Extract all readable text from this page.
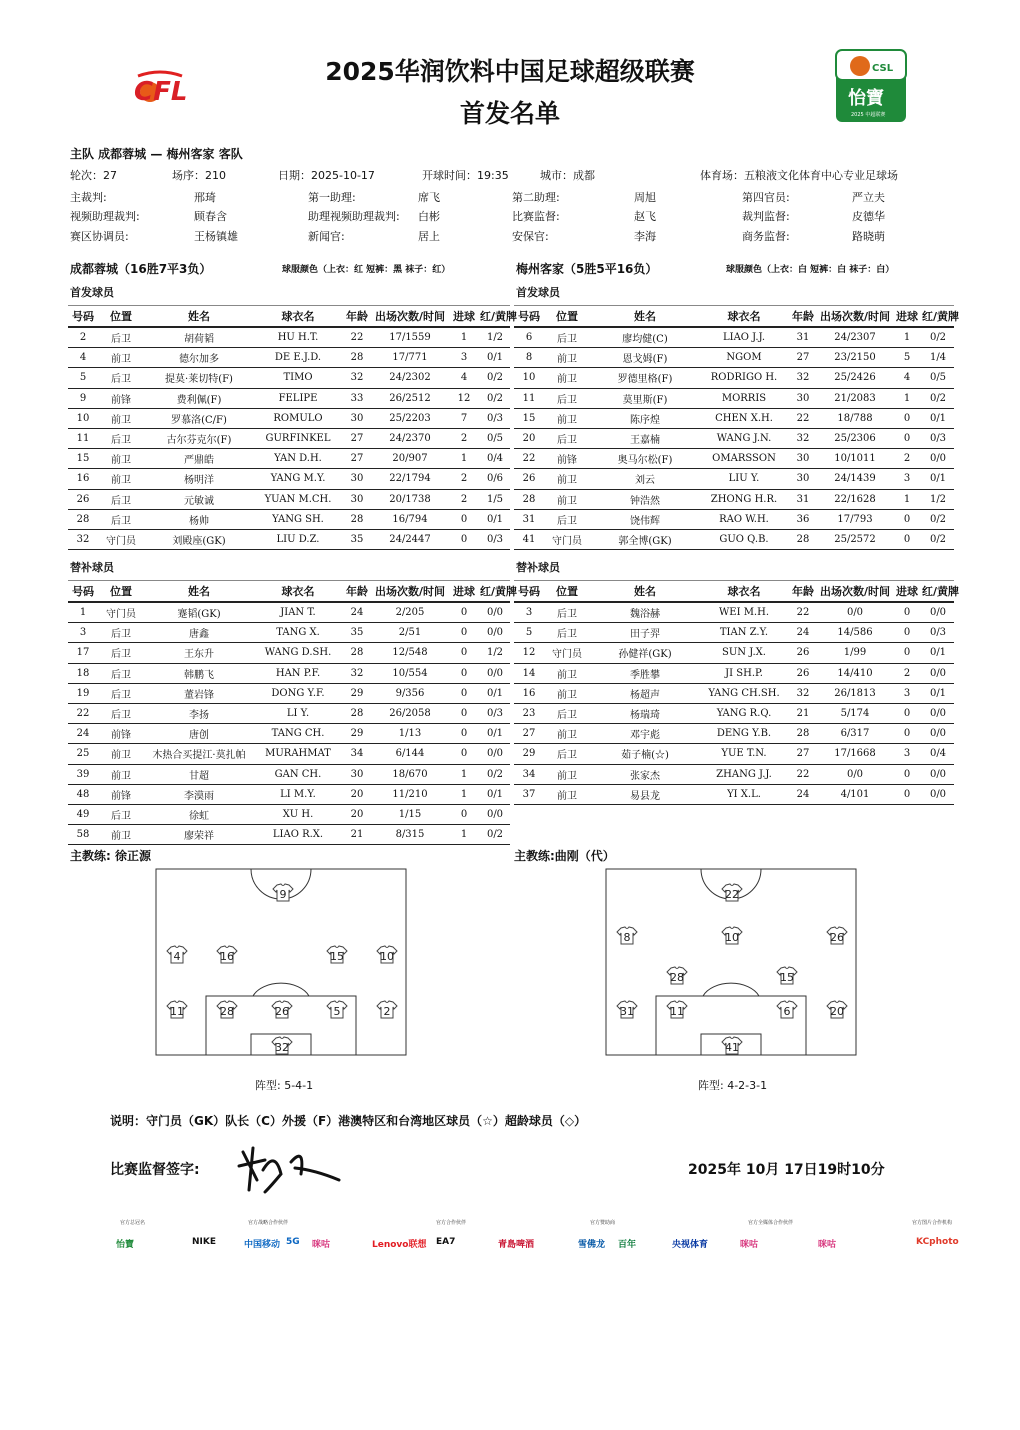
CFL
2025华润饮料中国足球超级联赛
首发名单
CSL
怡寶
2025 中超联赛
主队 成都蓉城 — 梅州客家 客队
轮次：27	场序：210	日期：2025-10-17	开球时间：19:35	城市：成都	体育场：五粮液文化体育中心专业足球场
主裁判:	邢琦	第一助理:	席飞	第二助理:	周旭	第四官员:	严立夫
视频助理裁判:	顾春含	助理视频助理裁判: 白彬	比赛监督:	赵飞	裁判监督:	皮德华
赛区协调员:	王杨镇雄	新闻官:	居上	安保官:	李海	商务监督:	路晓萌
成都蓉城（16胜7平3负）	球服颜色（上衣：红 短裤：黑 袜子：红）	梅州客家（5胜5平16负）	球服颜色（上衣：白 短裤：白 袜子：白）
首发球员	首发球员
替补球员	替补球员
号码	位置	姓名	球衣名	年龄	出场次数/时间	进球	红/黄牌
2	后卫	胡荷韬	HU H.T.	22	17/1559	1	1/2
4	前卫	德尔加多	DE E.J.D.	28	17/771	3	0/1
5	后卫	提莫·莱切特(F)	TIMO	32	24/2302	4	0/2
9	前锋	费利佩(F)	FELIPE	33	26/2512	12	0/2
10	前卫	罗慕洛(C/F)	ROMULO	30	25/2203	7	0/3
11	后卫	古尔芬克尔(F)	GURFINKEL	27	24/2370	2	0/5
15	前卫	严鼎皓	YAN D.H.	27	20/907	1	0/4
16	前卫	杨明洋	YANG M.Y.	30	22/1794	2	0/6
26	后卫	元敏诚	YUAN M.CH.	30	20/1738	2	1/5
28	后卫	杨帅	YANG SH.	28	16/794	0	0/1
32	守门员	刘殿座(GK)	LIU D.Z.	35	24/2447	0	0/3
号码	位置	姓名	球衣名	年龄	出场次数/时间	进球	红/黄牌
6	后卫	廖均健(C)	LIAO J.J.	31	24/2307	1	0/2
8	前卫	恩戈姆(F)	NGOM	27	23/2150	5	1/4
10	前卫	罗德里格(F)	RODRIGO H.	32	25/2426	4	0/5
11	后卫	莫里斯(F)	MORRIS	30	21/2083	1	0/2
15	前卫	陈序煌	CHEN X.H.	22	18/788	0	0/1
20	后卫	王嘉楠	WANG J.N.	32	25/2306	0	0/3
22	前锋	奥马尔松(F)	OMARSSON	30	10/1011	2	0/0
26	前卫	刘云	LIU Y.	30	24/1439	3	0/1
28	前卫	钟浩然	ZHONG H.R.	31	22/1628	1	1/2
31	后卫	饶伟辉	RAO W.H.	36	17/793	0	0/2
41	守门员	郭全博(GK)	GUO Q.B.	28	25/2572	0	0/2
号码	位置	姓名	球衣名	年龄	出场次数/时间	进球	红/黄牌
1	守门员	蹇韬(GK)	JIAN T.	24	2/205	0	0/0
3	后卫	唐鑫	TANG X.	35	2/51	0	0/0
17	后卫	王东升	WANG D.SH.	28	12/548	0	1/2
18	后卫	韩鹏飞	HAN P.F.	32	10/554	0	0/0
19	后卫	董岩锋	DONG Y.F.	29	9/356	0	0/1
22	后卫	李扬	LI Y.	28	26/2058	0	0/3
24	前锋	唐创	TANG CH.	29	1/13	0	0/1
25	前卫	木热合买提江·莫扎帕	MURAHMAT	34	6/144	0	0/0
39	前卫	甘超	GAN CH.	30	18/670	1	0/2
48	前锋	李漠雨	LI M.Y.	20	11/210	1	0/1
49	后卫	徐虹	XU H.	20	1/15	0	0/0
58	前卫	廖荣祥	LIAO R.X.	21	8/315	1	0/2
号码	位置	姓名	球衣名	年龄	出场次数/时间	进球	红/黄牌
3	后卫	魏浴赫	WEI M.H.	22	0/0	0	0/0
5	后卫	田子羿	TIAN Z.Y.	24	14/586	0	0/3
12	守门员	孙健祥(GK)	SUN J.X.	26	1/99	0	0/1
14	前卫	季胜攀	JI SH.P.	26	14/410	2	0/0
16	前卫	杨超声	YANG CH.SH.	32	26/1813	3	0/1
23	后卫	杨瑞琦	YANG R.Q.	21	5/174	0	0/0
27	前卫	邓宇彪	DENG Y.B.	28	6/317	0	0/0
29	后卫	茹子楠(☆)	YUE T.N.	27	17/1668	3	0/4
34	前卫	张家杰	ZHANG J.J.	22	0/0	0	0/0
37	前卫	易县龙	YI X.L.	24	4/101	0	0/0
主教练: 徐正源	主教练:曲刚（代）
9
4	16	15	10
11	28	26	5	2
32
22
8	10	26
28	15
31	11	6	20
41
阵型: 5-4-1	阵型: 4-2-3-1
说明：守门员（GK）队长（C）外援（F）港澳特区和台湾地区球员（☆）超龄球员（◇）
比赛监督签字:	2025年 10月 17日19时10分
官方总冠名	官方战略合作伙伴	官方合作伙伴	官方赞助商	官方全媒体合作伙伴	官方图片合作机构
怡寶	NIKE	中国移动 5G 咪咕	Lenovo联想 EA7	青島啤酒	雪佛龙 百年	央视体育	咪咕	咪咕	KCphoto
